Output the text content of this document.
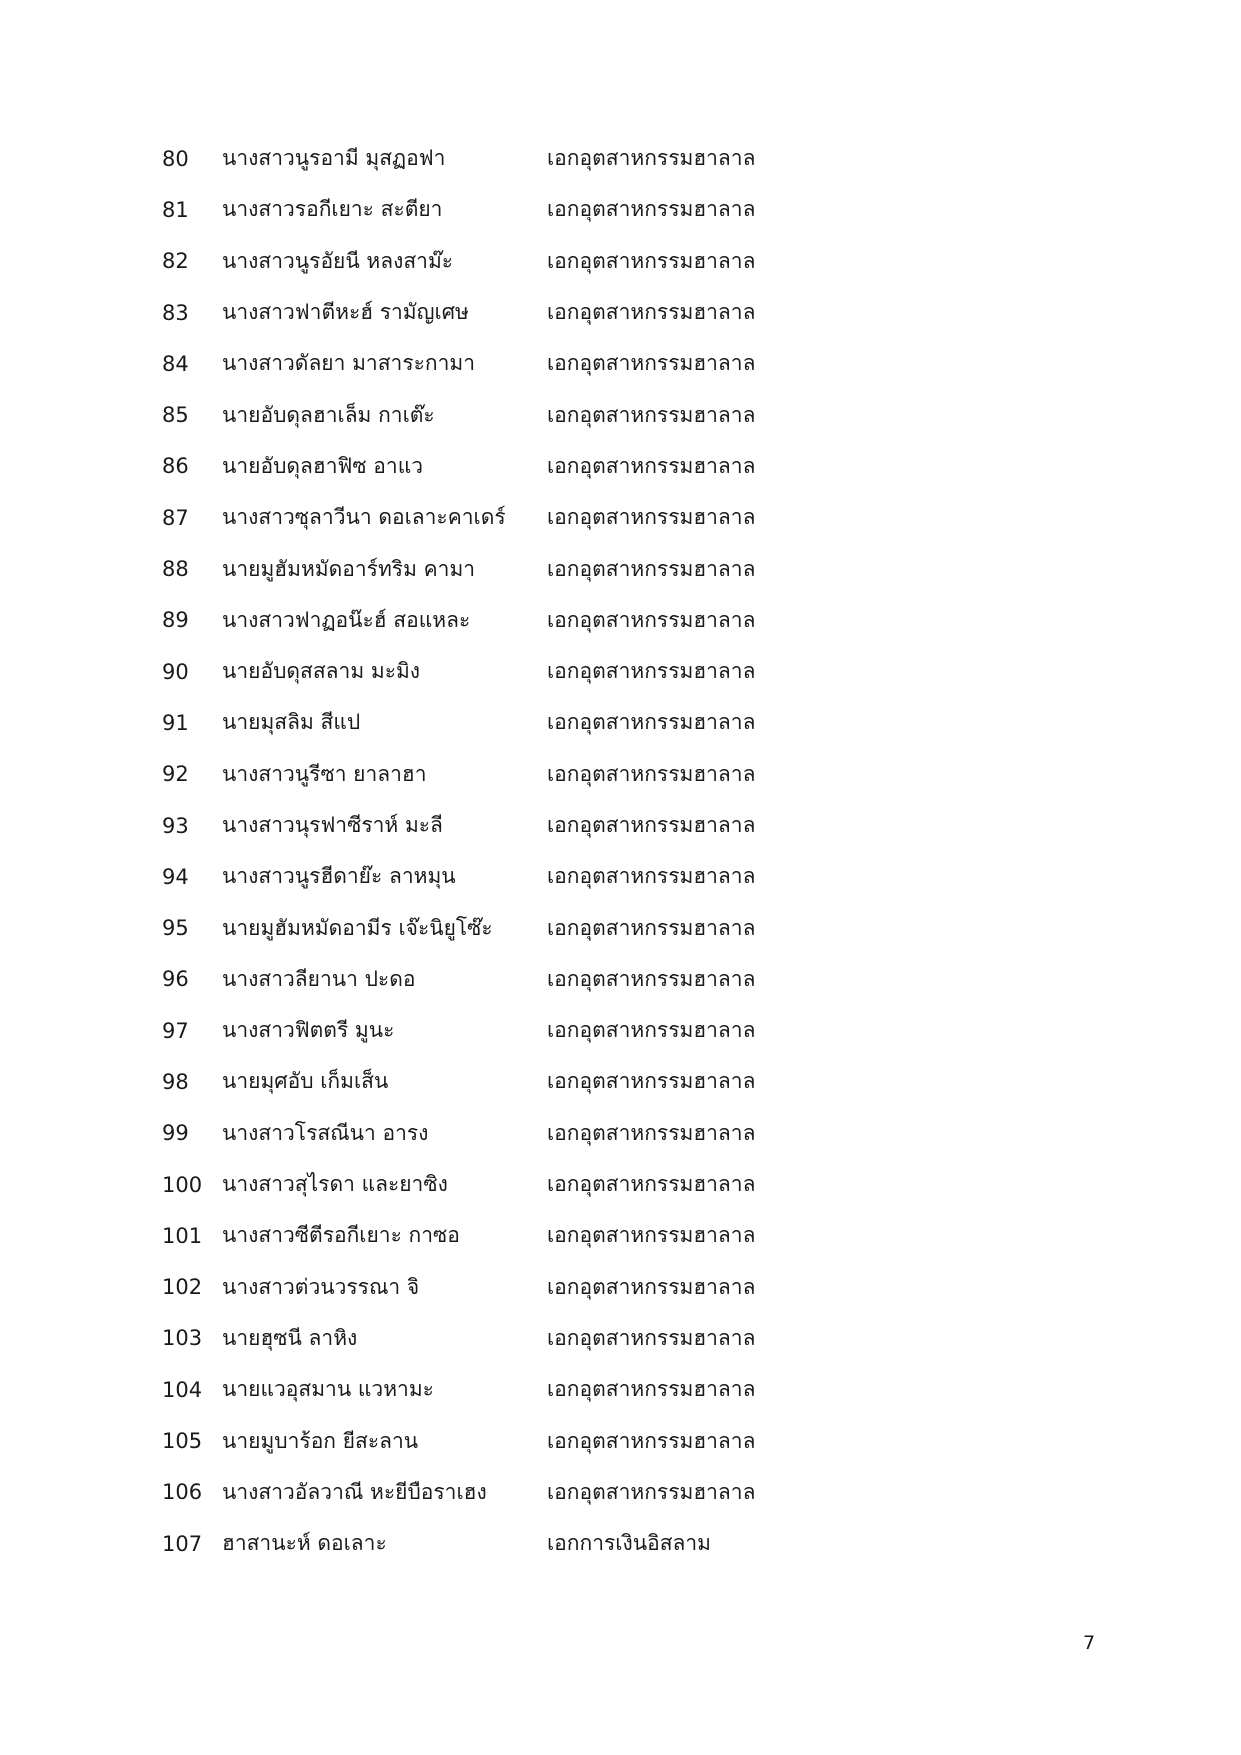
80	นางสาวนูรอามี มุสฏอฟา	เอกอุตสาหกรรมฮาลาล
81	นางสาวรอกีเยาะ สะตียา	เอกอุตสาหกรรมฮาลาล
82	นางสาวนูรอัยนี หลงสาม๊ะ	เอกอุตสาหกรรมฮาลาล
83	นางสาวฟาตีหะฮ์ รามัญเศษ	เอกอุตสาหกรรมฮาลาล
84	นางสาวดัลยา มาสาระกามา	เอกอุตสาหกรรมฮาลาล
85	นายอับดุลฮาเล็ม กาเต๊ะ	เอกอุตสาหกรรมฮาลาล
86	นายอับดุลฮาฟิซ อาแว	เอกอุตสาหกรรมฮาลาล
87	นางสาวซุลาวีนา ดอเลาะคาเดร์	เอกอุตสาหกรรมฮาลาล
88	นายมูฮัมหมัดอาร์ทริม คามา	เอกอุตสาหกรรมฮาลาล
89	นางสาวฟาฏอน๊ะฮ์ สอแหละ	เอกอุตสาหกรรมฮาลาล
90	นายอับดุสสลาม มะมิง	เอกอุตสาหกรรมฮาลาล
91	นายมุสลิม สีแป	เอกอุตสาหกรรมฮาลาล
92	นางสาวนูรีซา ยาลาฮา	เอกอุตสาหกรรมฮาลาล
93	นางสาวนุรฟาซีราห์ มะลี	เอกอุตสาหกรรมฮาลาล
94	นางสาวนูรฮีดาย๊ะ ลาหมุน	เอกอุตสาหกรรมฮาลาล
95	นายมูฮัมหมัดอามีร เจ๊ะนิยูโซ๊ะ	เอกอุตสาหกรรมฮาลาล
96	นางสาวลียานา ปะดอ	เอกอุตสาหกรรมฮาลาล
97	นางสาวฟิตตรี มูนะ	เอกอุตสาหกรรมฮาลาล
98	นายมุศอับ เก็มเส็น	เอกอุตสาหกรรมฮาลาล
99	นางสาวโรสณีนา อารง	เอกอุตสาหกรรมฮาลาล
100 นางสาวสุไรดา และยาซิง	เอกอุตสาหกรรมฮาลาล
101 นางสาวซีตีรอกีเยาะ กาซอ	เอกอุตสาหกรรมฮาลาล
102 นางสาวต่วนวรรณา จิ	เอกอุตสาหกรรมฮาลาล
103 นายฮุซนี ลาหิง	เอกอุตสาหกรรมฮาลาล
104 นายแวอุสมาน แวหามะ	เอกอุตสาหกรรมฮาลาล
105 นายมูบาร้อก ยีสะลาน	เอกอุตสาหกรรมฮาลาล
106 นางสาวอัลวาณี หะยีบือราเฮง	เอกอุตสาหกรรมฮาลาล
107 ฮาสานะห์ ดอเลาะ	เอกการเงินอิสลาม
7
